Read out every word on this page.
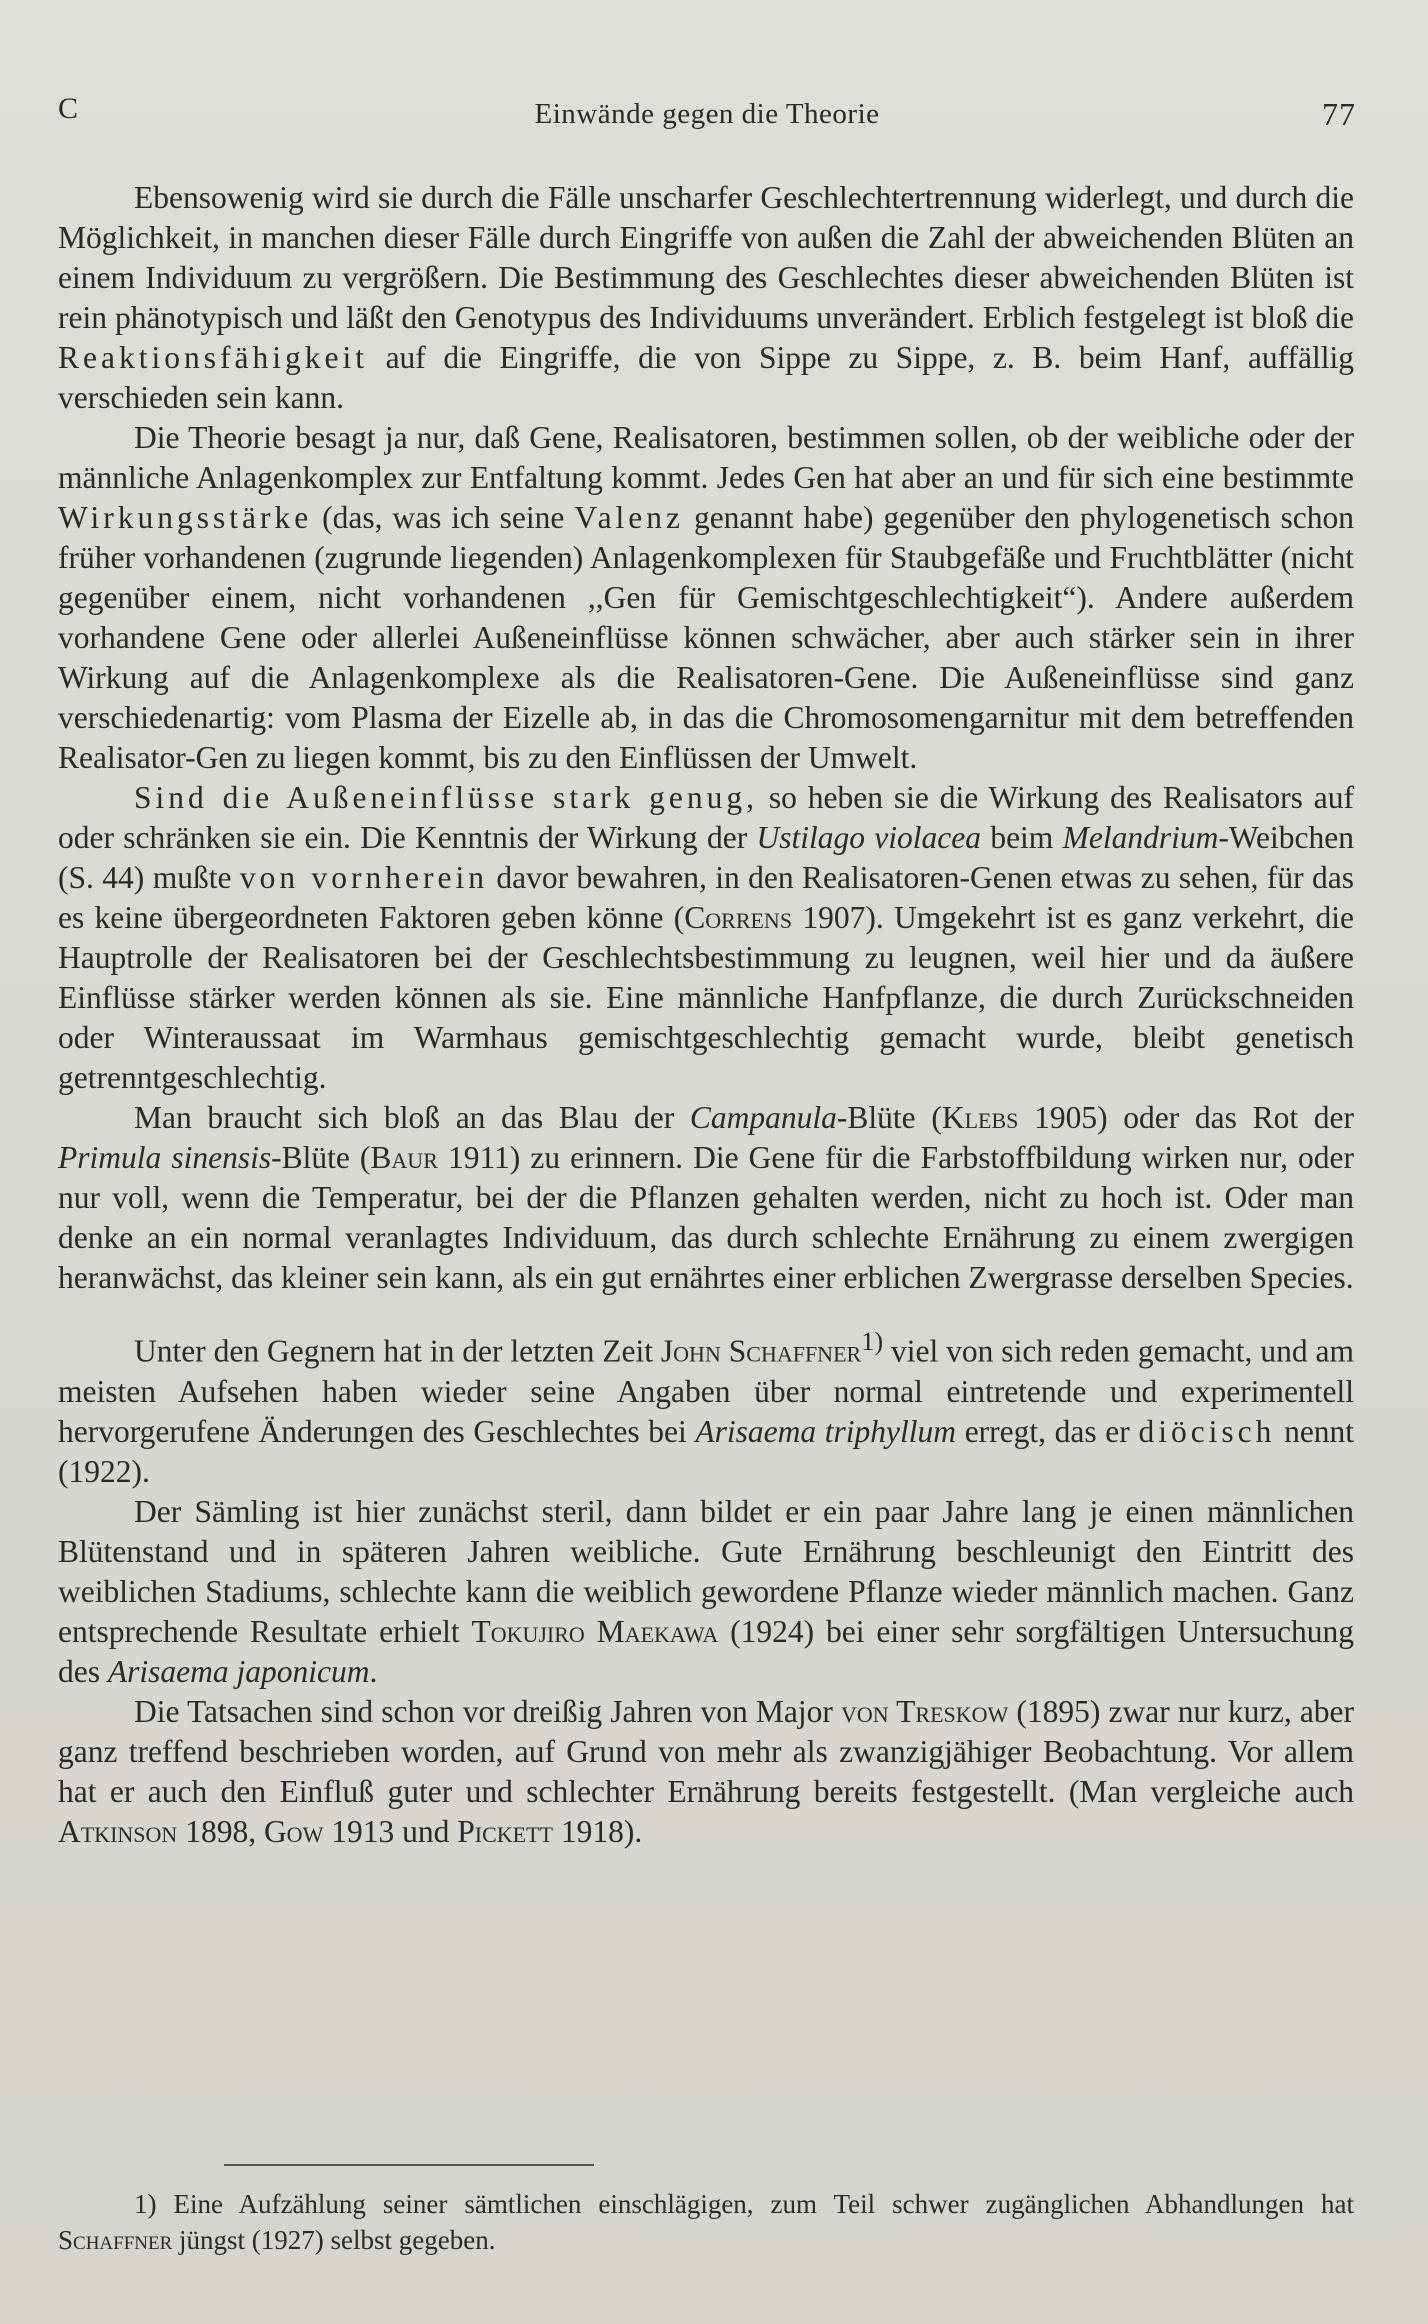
C	Einwände gegen die Theorie	77

Ebensowenig wird sie durch die Fälle unscharfer Geschlechtertrennung widerlegt, und durch die Möglichkeit, in manchen dieser Fälle durch Eingriffe von außen die Zahl der abweichenden Blüten an einem Individuum zu vergrößern. Die Bestimmung des Geschlechtes dieser abweichenden Blüten ist rein phänotypisch und läßt den Genotypus des Individuums unverändert. Erblich festgelegt ist bloß die Reaktionsfähigkeit auf die Eingriffe, die von Sippe zu Sippe, z. B. beim Hanf, auffällig verschieden sein kann.

Die Theorie besagt ja nur, daß Gene, Realisatoren, bestimmen sollen, ob der weibliche oder der männliche Anlagenkomplex zur Entfaltung kommt. Jedes Gen hat aber an und für sich eine bestimmte Wirkungsstärke (das, was ich seine Valenz genannt habe) gegenüber den phylogenetisch schon früher vorhandenen (zugrunde liegenden) Anlagenkomplexen für Staubgefäße und Fruchtblätter (nicht gegenüber einem, nicht vorhandenen ,,Gen für Gemischtgeschlechtigkeit“). Andere außerdem vorhandene Gene oder allerlei Außeneinflüsse können schwächer, aber auch stärker sein in ihrer Wirkung auf die Anlagenkomplexe als die Realisatoren-Gene. Die Außeneinflüsse sind ganz verschiedenartig: vom Plasma der Eizelle ab, in das die Chromosomengarnitur mit dem betreffenden Realisator-Gen zu liegen kommt, bis zu den Einflüssen der Umwelt.

Sind die Außeneinflüsse stark genug, so heben sie die Wirkung des Realisators auf oder schränken sie ein. Die Kenntnis der Wirkung der Ustilago violacea beim Melandrium-Weibchen (S. 44) mußte von vornherein davor bewahren, in den Realisatoren-Genen etwas zu sehen, für das es keine übergeordneten Faktoren geben könne (Correns 1907). Umgekehrt ist es ganz verkehrt, die Hauptrolle der Realisatoren bei der Geschlechtsbestimmung zu leugnen, weil hier und da äußere Einflüsse stärker werden können als sie. Eine männliche Hanfpflanze, die durch Zurückschneiden oder Winteraussaat im Warmhaus gemischtgeschlechtig gemacht wurde, bleibt genetisch getrenntgeschlechtig.

Man braucht sich bloß an das Blau der Campanula-Blüte (Klebs 1905) oder das Rot der Primula sinensis-Blüte (Baur 1911) zu erinnern. Die Gene für die Farbstoffbildung wirken nur, oder nur voll, wenn die Temperatur, bei der die Pflanzen gehalten werden, nicht zu hoch ist. Oder man denke an ein normal veranlagtes Individuum, das durch schlechte Ernährung zu einem zwergigen heranwächst, das kleiner sein kann, als ein gut ernährtes einer erblichen Zwergrasse derselben Species.

Unter den Gegnern hat in der letzten Zeit John Schaffner$^{1)}$ viel von sich reden gemacht, und am meisten Aufsehen haben wieder seine Angaben über normal eintretende und experimentell hervorgerufene Änderungen des Geschlechtes bei Arisaema triphyllum erregt, das er diöcisch nennt (1922).

Der Sämling ist hier zunächst steril, dann bildet er ein paar Jahre lang je einen männlichen Blütenstand und in späteren Jahren weibliche. Gute Ernährung beschleunigt den Eintritt des weiblichen Stadiums, schlechte kann die weiblich gewordene Pflanze wieder männlich machen. Ganz entsprechende Resultate erhielt Tokujiro Maekawa (1924) bei einer sehr sorgfältigen Untersuchung des Arisaema japonicum.

Die Tatsachen sind schon vor dreißig Jahren von Major von Treskow (1895) zwar nur kurz, aber ganz treffend beschrieben worden, auf Grund von mehr als zwanzigjähiger Beobachtung. Vor allem hat er auch den Einfluß guter und schlechter Ernährung bereits festgestellt. (Man vergleiche auch Atkinson 1898, Gow 1913 und Pickett 1918).

1) Eine Aufzählung seiner sämtlichen einschlägigen, zum Teil schwer zugänglichen Abhandlungen hat Schaffner jüngst (1927) selbst gegeben.
